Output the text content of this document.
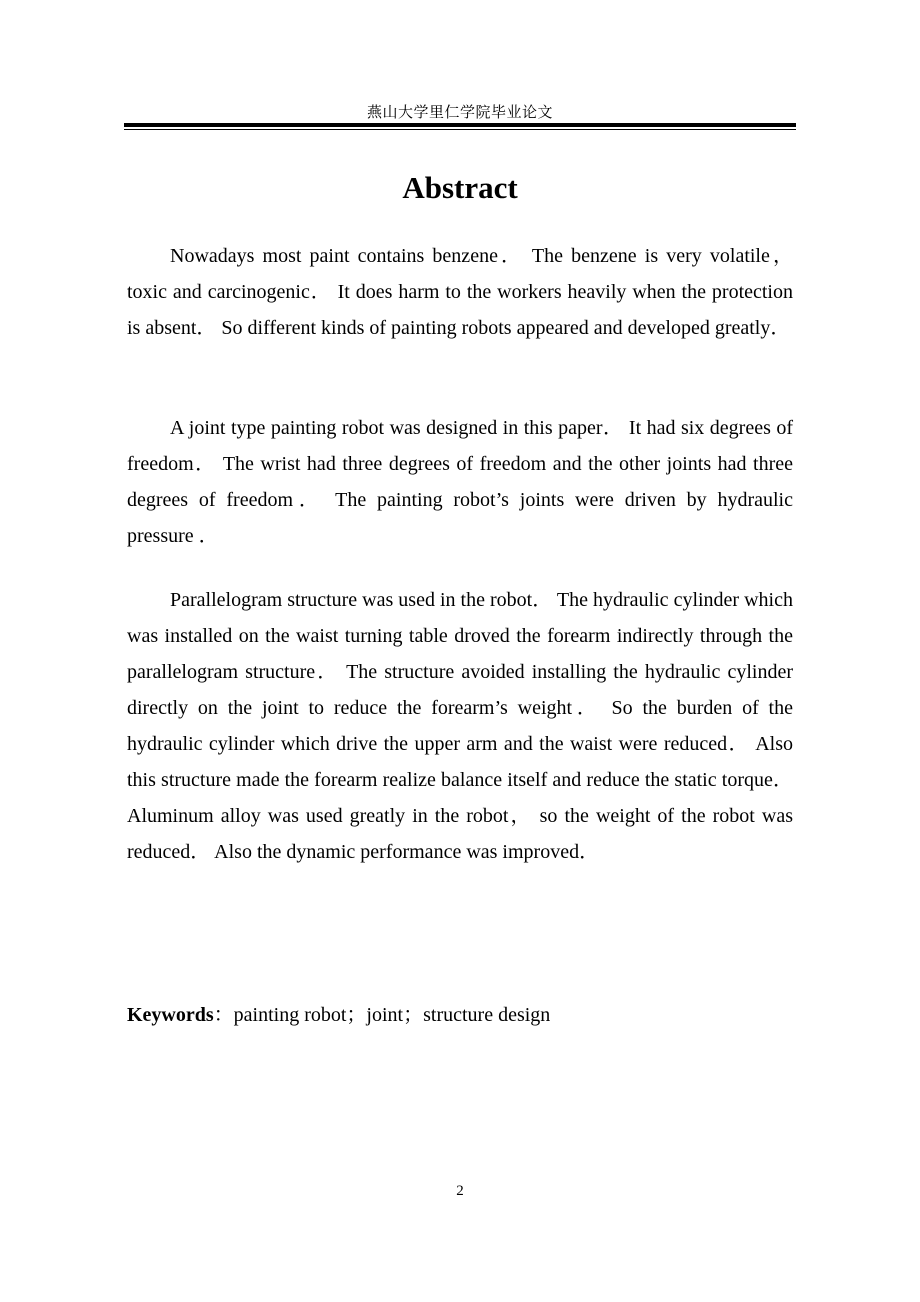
燕山大学里仁学院毕业论文
Abstract

Nowadays most paint contains benzene． The benzene is very volatile，toxic and carcinogenic． It does harm to the workers heavily when the protection is absent． So different kinds of painting robots appeared and developed greatly．

A joint type painting robot was designed in this paper． It had six degrees of freedom． The wrist had three degrees of freedom and the other joints had three degrees of freedom． The painting robot’s joints were driven by hydraulic pressure ．

Parallelogram structure was used in the robot． The hydraulic cylinder which was installed on the waist turning table droved the forearm indirectly through the parallelogram structure． The structure avoided installing the hydraulic cylinder directly on the joint to reduce the forearm’s weight． So the burden of the hydraulic cylinder which drive the upper arm and the waist were reduced． Also this structure made the forearm realize balance itself and reduce the static torque． Aluminum alloy was used greatly in the robot， so the weight of the robot was reduced． Also the dynamic performance was improved．

Keywords：painting robot；joint；structure design
2
